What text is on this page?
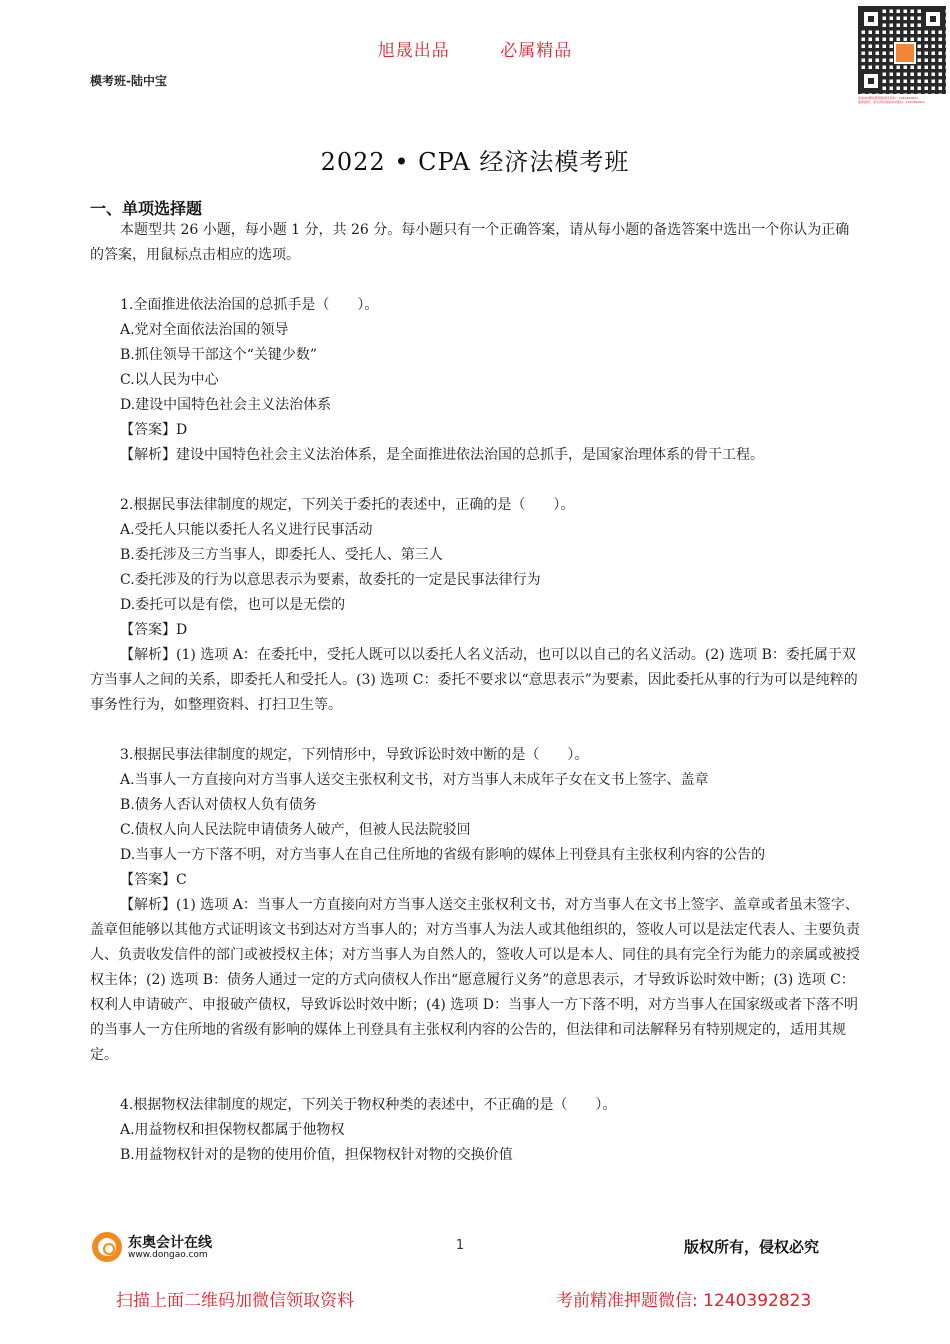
旭晟出品	必属精品
模考班-陆中宝
添加QQ群免费领取更多资料：1240392823
更新最快，更多资料请加QQ/微信：1240392823
2022 • CPA 经济法模考班
一、单项选择题

本题型共 26 小题，每小题 1 分，共 26 分。每小题只有一个正确答案，请从每小题的备选答案中选出一个你认为正确的答案，用鼠标点击相应的选项。

1.全面推进依法治国的总抓手是（　　）。

A.党对全面依法治国的领导

B.抓住领导干部这个“关键少数”

C.以人民为中心

D.建设中国特色社会主义法治体系

【答案】D

【解析】建设中国特色社会主义法治体系，是全面推进依法治国的总抓手，是国家治理体系的骨干工程。

2.根据民事法律制度的规定，下列关于委托的表述中，正确的是（　　）。

A.受托人只能以委托人名义进行民事活动

B.委托涉及三方当事人，即委托人、受托人、第三人

C.委托涉及的行为以意思表示为要素，故委托的一定是民事法律行为

D.委托可以是有偿，也可以是无偿的

【答案】D

【解析】(1) 选项 A：在委托中，受托人既可以以委托人名义活动，也可以以自己的名义活动。(2) 选项 B：委托属于双方当事人之间的关系，即委托人和受托人。(3) 选项 C：委托不要求以“意思表示”为要素，因此委托从事的行为可以是纯粹的事务性行为，如整理资料、打扫卫生等。

3.根据民事法律制度的规定，下列情形中，导致诉讼时效中断的是（　　）。

A.当事人一方直接向对方当事人送交主张权利文书，对方当事人未成年子女在文书上签字、盖章

B.债务人否认对债权人负有债务

C.债权人向人民法院申请债务人破产，但被人民法院驳回

D.当事人一方下落不明，对方当事人在自己住所地的省级有影响的媒体上刊登具有主张权利内容的公告的

【答案】C

【解析】(1) 选项 A：当事人一方直接向对方当事人送交主张权利文书，对方当事人在文书上签字、盖章或者虽未签字、盖章但能够以其他方式证明该文书到达对方当事人的；对方当事人为法人或其他组织的，签收人可以是法定代表人、主要负责人、负责收发信件的部门或被授权主体；对方当事人为自然人的，签收人可以是本人、同住的具有完全行为能力的亲属或被授权主体；(2) 选项 B：债务人通过一定的方式向债权人作出“愿意履行义务”的意思表示，才导致诉讼时效中断；(3) 选项 C：权利人申请破产、申报破产债权，导致诉讼时效中断；(4) 选项 D：当事人一方下落不明，对方当事人在国家级或者下落不明的当事人一方住所地的省级有影响的媒体上刊登具有主张权利内容的公告的，但法律和司法解释另有特别规定的，适用其规定。

4.根据物权法律制度的规定，下列关于物权种类的表述中，不正确的是（　　）。

A.用益物权和担保物权都属于他物权

B.用益物权针对的是物的使用价值，担保物权针对物的交换价值

东奥会计在线
www.dongao.com
1	版权所有，侵权必究
扫描上面二维码加微信领取资料	考前精准押题微信: 1240392823
